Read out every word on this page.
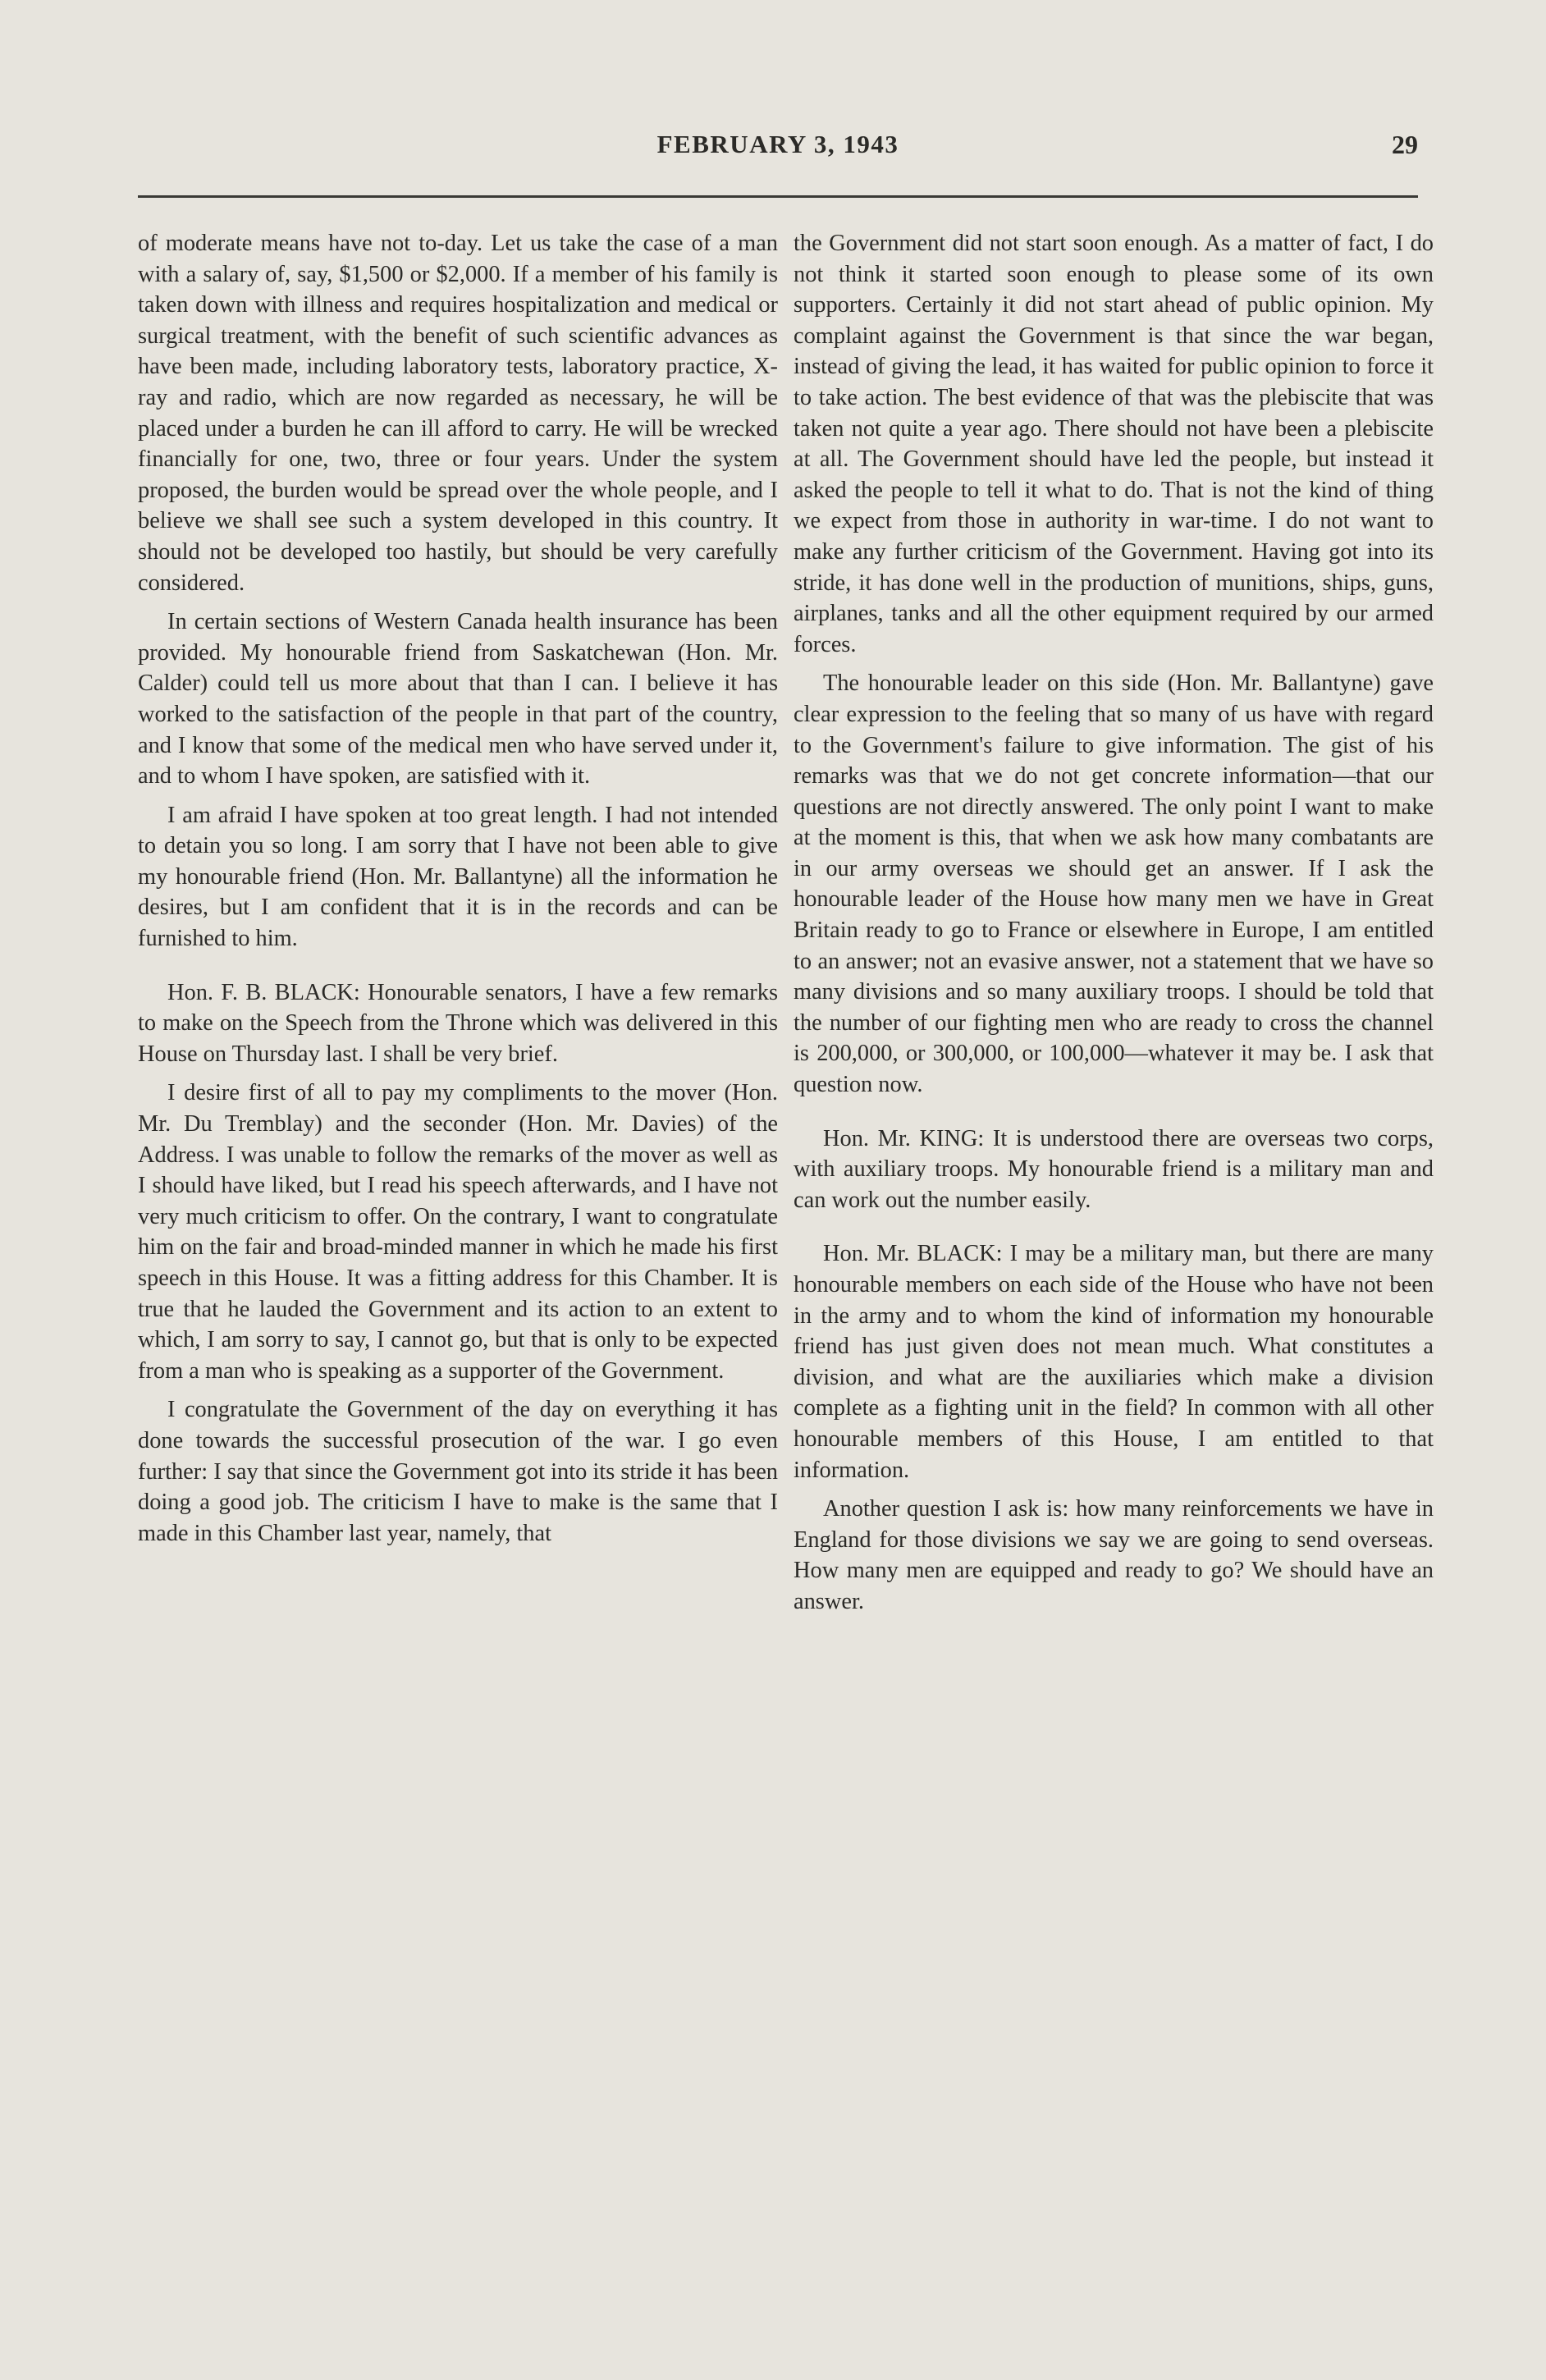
FEBRUARY 3, 1943	29

of moderate means have not to-day. Let us take the case of a man with a salary of, say, $1,500 or $2,000. If a member of his family is taken down with illness and requires hospitalization and medical or surgical treatment, with the benefit of such scientific advances as have been made, including laboratory tests, laboratory practice, X-ray and radio, which are now regarded as necessary, he will be placed under a burden he can ill afford to carry. He will be wrecked financially for one, two, three or four years. Under the system proposed, the burden would be spread over the whole people, and I believe we shall see such a system developed in this country. It should not be developed too hastily, but should be very carefully considered.

In certain sections of Western Canada health insurance has been provided. My honourable friend from Saskatchewan (Hon. Mr. Calder) could tell us more about that than I can. I believe it has worked to the satisfaction of the people in that part of the country, and I know that some of the medical men who have served under it, and to whom I have spoken, are satisfied with it.

I am afraid I have spoken at too great length. I had not intended to detain you so long. I am sorry that I have not been able to give my honourable friend (Hon. Mr. Ballantyne) all the information he desires, but I am confident that it is in the records and can be furnished to him.

Hon. F. B. BLACK: Honourable senators, I have a few remarks to make on the Speech from the Throne which was delivered in this House on Thursday last. I shall be very brief.

I desire first of all to pay my compliments to the mover (Hon. Mr. Du Tremblay) and the seconder (Hon. Mr. Davies) of the Address. I was unable to follow the remarks of the mover as well as I should have liked, but I read his speech afterwards, and I have not very much criticism to offer. On the contrary, I want to congratulate him on the fair and broad-minded manner in which he made his first speech in this House. It was a fitting address for this Chamber. It is true that he lauded the Government and its action to an extent to which, I am sorry to say, I cannot go, but that is only to be expected from a man who is speaking as a supporter of the Government.

I congratulate the Government of the day on everything it has done towards the successful prosecution of the war. I go even further: I say that since the Government got into its stride it has been doing a good job. The criticism I have to make is the same that I made in this Chamber last year, namely, that

the Government did not start soon enough. As a matter of fact, I do not think it started soon enough to please some of its own supporters. Certainly it did not start ahead of public opinion. My complaint against the Government is that since the war began, instead of giving the lead, it has waited for public opinion to force it to take action. The best evidence of that was the plebiscite that was taken not quite a year ago. There should not have been a plebiscite at all. The Government should have led the people, but instead it asked the people to tell it what to do. That is not the kind of thing we expect from those in authority in war-time. I do not want to make any further criticism of the Government. Having got into its stride, it has done well in the production of munitions, ships, guns, airplanes, tanks and all the other equipment required by our armed forces.

The honourable leader on this side (Hon. Mr. Ballantyne) gave clear expression to the feeling that so many of us have with regard to the Government's failure to give information. The gist of his remarks was that we do not get concrete information—that our questions are not directly answered. The only point I want to make at the moment is this, that when we ask how many combatants are in our army overseas we should get an answer. If I ask the honourable leader of the House how many men we have in Great Britain ready to go to France or elsewhere in Europe, I am entitled to an answer; not an evasive answer, not a statement that we have so many divisions and so many auxiliary troops. I should be told that the number of our fighting men who are ready to cross the channel is 200,000, or 300,000, or 100,000—whatever it may be. I ask that question now.

Hon. Mr. KING: It is understood there are overseas two corps, with auxiliary troops. My honourable friend is a military man and can work out the number easily.

Hon. Mr. BLACK: I may be a military man, but there are many honourable members on each side of the House who have not been in the army and to whom the kind of information my honourable friend has just given does not mean much. What constitutes a division, and what are the auxiliaries which make a division complete as a fighting unit in the field? In common with all other honourable members of this House, I am entitled to that information.

Another question I ask is: how many reinforcements we have in England for those divisions we say we are going to send overseas. How many men are equipped and ready to go? We should have an answer.
